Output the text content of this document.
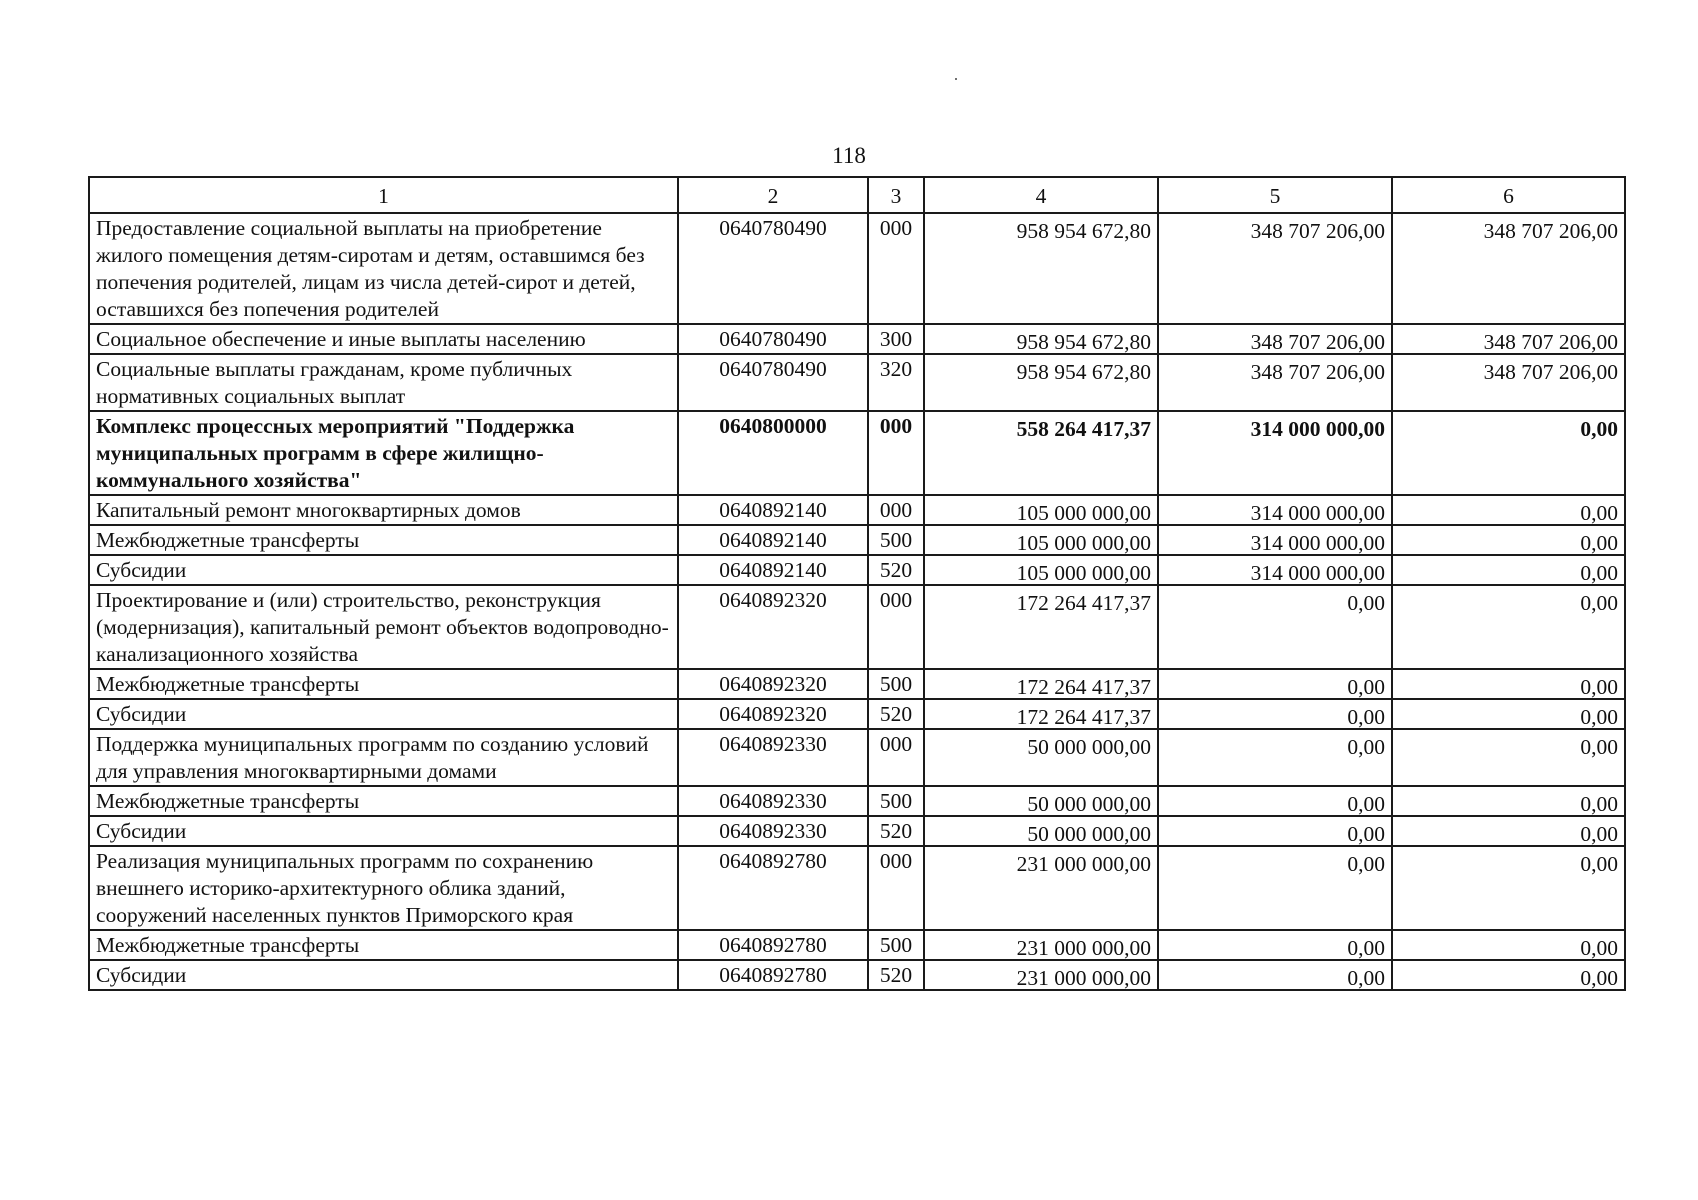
118
1	2	3	4	5	6
Предоставление социальной выплаты на приобретение жилого помещения детям-сиротам и детям, оставшимся без попечения родителей, лицам из числа детей-сирот и детей, оставшихся без попечения родителей	0640780490	000	958 954 672,80	348 707 206,00	348 707 206,00
Социальное обеспечение и иные выплаты населению	0640780490	300	958 954 672,80	348 707 206,00	348 707 206,00
Социальные выплаты гражданам, кроме публичных нормативных социальных выплат	0640780490	320	958 954 672,80	348 707 206,00	348 707 206,00
Комплекс процессных мероприятий "Поддержка муниципальных программ в сфере жилищно-коммунального хозяйства"	0640800000	000	558 264 417,37	314 000 000,00	0,00
Капитальный ремонт многоквартирных домов	0640892140	000	105 000 000,00	314 000 000,00	0,00
Межбюджетные трансферты	0640892140	500	105 000 000,00	314 000 000,00	0,00
Субсидии	0640892140	520	105 000 000,00	314 000 000,00	0,00
Проектирование и (или) строительство, реконструкция (модернизация), капитальный ремонт объектов водопроводно-канализационного хозяйства	0640892320	000	172 264 417,37	0,00	0,00
Межбюджетные трансферты	0640892320	500	172 264 417,37	0,00	0,00
Субсидии	0640892320	520	172 264 417,37	0,00	0,00
Поддержка муниципальных программ по созданию условий для управления многоквартирными домами	0640892330	000	50 000 000,00	0,00	0,00
Межбюджетные трансферты	0640892330	500	50 000 000,00	0,00	0,00
Субсидии	0640892330	520	50 000 000,00	0,00	0,00
Реализация муниципальных программ по сохранению внешнего историко-архитектурного облика зданий, сооружений населенных пунктов Приморского края	0640892780	000	231 000 000,00	0,00	0,00
Межбюджетные трансферты	0640892780	500	231 000 000,00	0,00	0,00
Субсидии	0640892780	520	231 000 000,00	0,00	0,00
